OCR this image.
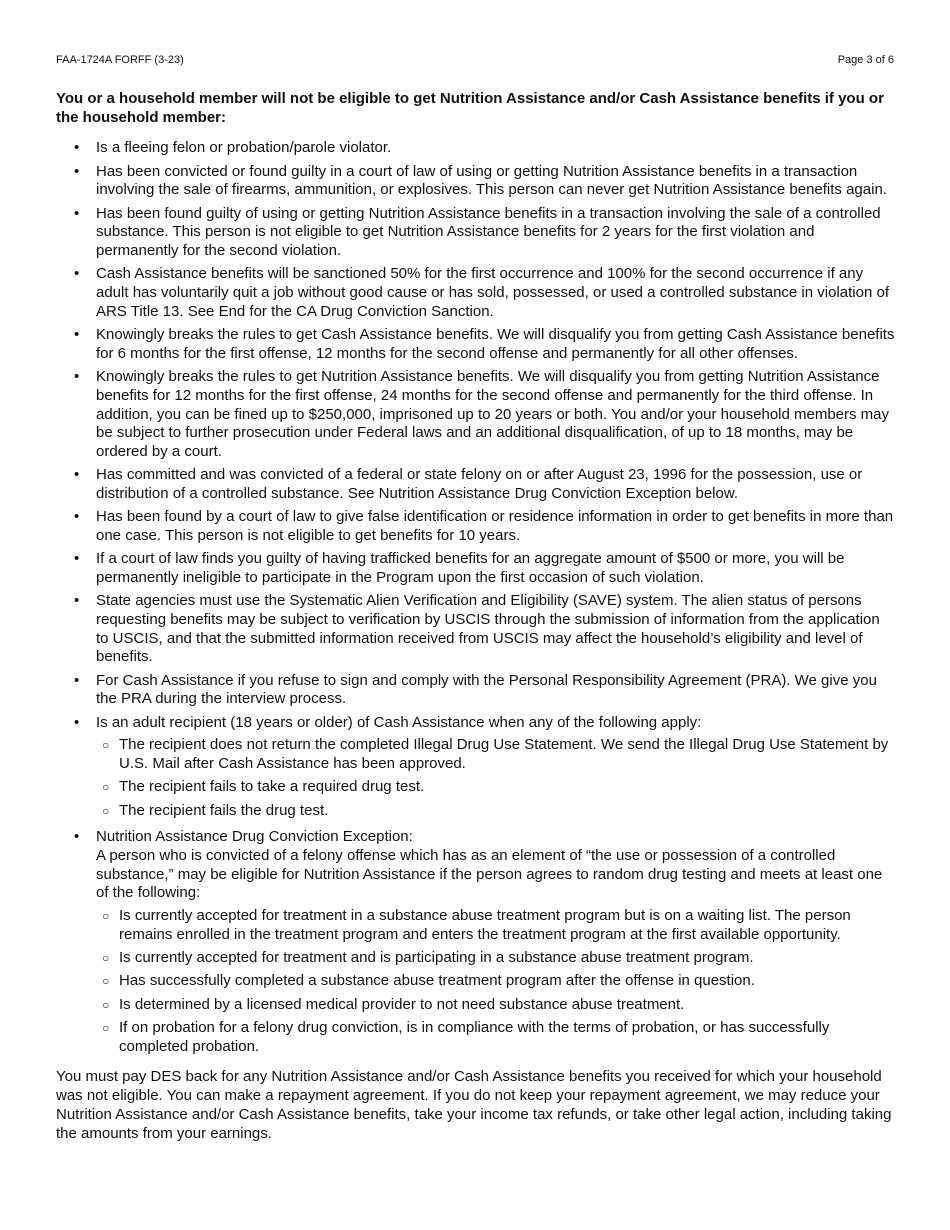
FAA-1724A FORFF (3-23)	Page 3 of 6

You or a household member will not be eligible to get Nutrition Assistance and/or Cash Assistance benefits if you or the household member:

• Is a fleeing felon or probation/parole violator.
• Has been convicted or found guilty in a court of law of using or getting Nutrition Assistance benefits in a transaction involving the sale of firearms, ammunition, or explosives. This person can never get Nutrition Assistance benefits again.
• Has been found guilty of using or getting Nutrition Assistance benefits in a transaction involving the sale of a controlled substance. This person is not eligible to get Nutrition Assistance benefits for 2 years for the first violation and permanently for the second violation.
• Cash Assistance benefits will be sanctioned 50% for the first occurrence and 100% for the second occurrence if any adult has voluntarily quit a job without good cause or has sold, possessed, or used a controlled substance in violation of ARS Title 13. See End for the CA Drug Conviction Sanction.
• Knowingly breaks the rules to get Cash Assistance benefits. We will disqualify you from getting Cash Assistance benefits for 6 months for the first offense, 12 months for the second offense and permanently for all other offenses.
• Knowingly breaks the rules to get Nutrition Assistance benefits. We will disqualify you from getting Nutrition Assistance benefits for 12 months for the first offense, 24 months for the second offense and permanently for the third offense. In addition, you can be fined up to $250,000, imprisoned up to 20 years or both. You and/or your household members may be subject to further prosecution under Federal laws and an additional disqualification, of up to 18 months, may be ordered by a court.
• Has committed and was convicted of a federal or state felony on or after August 23, 1996 for the possession, use or distribution of a controlled substance. See Nutrition Assistance Drug Conviction Exception below.
• Has been found by a court of law to give false identification or residence information in order to get benefits in more than one case. This person is not eligible to get benefits for 10 years.
• If a court of law finds you guilty of having trafficked benefits for an aggregate amount of $500 or more, you will be permanently ineligible to participate in the Program upon the first occasion of such violation.
• State agencies must use the Systematic Alien Verification and Eligibility (SAVE) system. The alien status of persons requesting benefits may be subject to verification by USCIS through the submission of information from the application to USCIS, and that the submitted information received from USCIS may affect the household’s eligibility and level of benefits.
• For Cash Assistance if you refuse to sign and comply with the Personal Responsibility Agreement (PRA). We give you the PRA during the interview process.
• Is an adult recipient (18 years or older) of Cash Assistance when any of the following apply:
○ The recipient does not return the completed Illegal Drug Use Statement. We send the Illegal Drug Use Statement by U.S. Mail after Cash Assistance has been approved.
○ The recipient fails to take a required drug test.
○ The recipient fails the drug test.
• Nutrition Assistance Drug Conviction Exception:
A person who is convicted of a felony offense which has as an element of “the use or possession of a controlled substance,” may be eligible for Nutrition Assistance if the person agrees to random drug testing and meets at least one of the following:
○ Is currently accepted for treatment in a substance abuse treatment program but is on a waiting list. The person remains enrolled in the treatment program and enters the treatment program at the first available opportunity.
○ Is currently accepted for treatment and is participating in a substance abuse treatment program.
○ Has successfully completed a substance abuse treatment program after the offense in question.
○ Is determined by a licensed medical provider to not need substance abuse treatment.
○ If on probation for a felony drug conviction, is in compliance with the terms of probation, or has successfully completed probation.

You must pay DES back for any Nutrition Assistance and/or Cash Assistance benefits you received for which your household was not eligible. You can make a repayment agreement. If you do not keep your repayment agreement, we may reduce your Nutrition Assistance and/or Cash Assistance benefits, take your income tax refunds, or take other legal action, including taking the amounts from your earnings.
